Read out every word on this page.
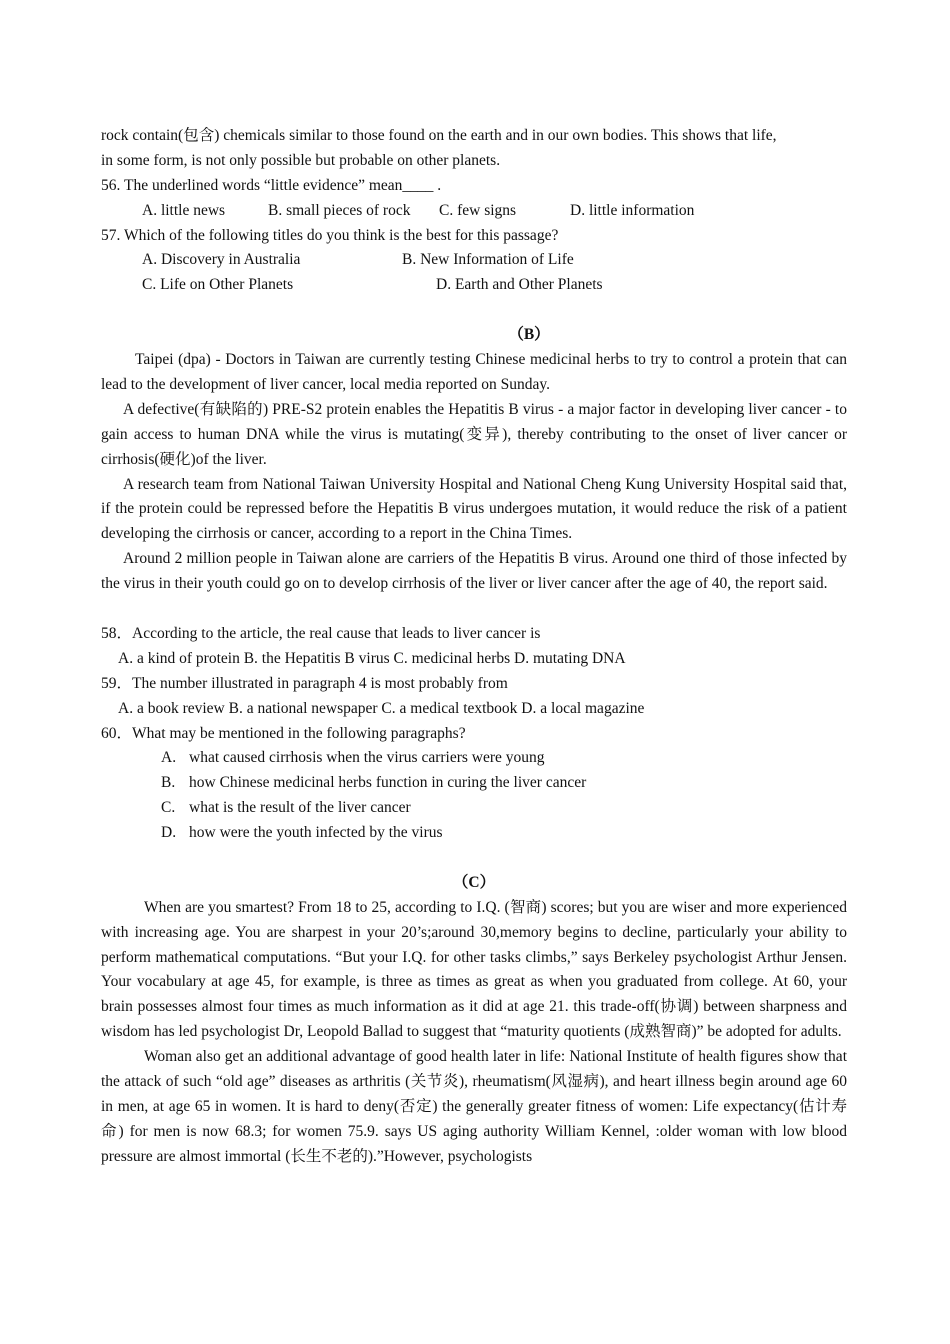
rock contain(包含) chemicals similar to those found on the earth and in our own bodies. This shows that life,
in some form, is not only possible but probable on other planets.
56. The underlined words “little evidence” mean____ .
A. little news	B. small pieces of rock C. few signs	D. little information
57. Which of the following titles do you think is the best for this passage?
A. Discovery in Australia	B. New Information of Life
C. Life on Other Planets	D. Earth and Other Planets
（B）
Taipei (dpa) - Doctors in Taiwan are currently testing Chinese medicinal herbs to try to control a protein that can lead to the development of liver cancer, local media reported on Sunday.
A defective(有缺陷的) PRE-S2 protein enables the Hepatitis B virus - a major factor in developing liver cancer - to gain access to human DNA while the virus is mutating(变异), thereby contributing to the onset of liver cancer or cirrhosis(硬化)of the liver.
A research team from National Taiwan University Hospital and National Cheng Kung University Hospital said that, if the protein could be repressed before the Hepatitis B virus undergoes mutation, it would reduce the risk of a patient developing the cirrhosis or cancer, according to a report in the China Times.
Around 2 million people in Taiwan alone are carriers of the Hepatitis B virus. Around one third of those infected by the virus in their youth could go on to develop cirrhosis of the liver or liver cancer after the age of 40, the report said.
58．According to the article, the real cause that leads to liver cancer is
A. a kind of protein B. the Hepatitis B virus C. medicinal herbs D. mutating DNA
59．The number illustrated in paragraph 4 is most probably from
A. a book review B. a national newspaper C. a medical textbook D. a local magazine
60．What may be mentioned in the following paragraphs?
A. what caused cirrhosis when the virus carriers were young
B. how Chinese medicinal herbs function in curing the liver cancer
C. what is the result of the liver cancer
D. how were the youth infected by the virus
（C）
When are you smartest? From 18 to 25, according to I.Q. (智商) scores; but you are wiser and more experienced with increasing age. You are sharpest in your 20’s;around 30,memory begins to decline, particularly your ability to perform mathematical computations. “But your I.Q. for other tasks climbs,” says Berkeley psychologist Arthur Jensen. Your vocabulary at age 45, for example, is three as times as great as when you graduated from college. At 60, your brain possesses almost four times as much information as it did at age 21. this trade-off(协调) between sharpness and wisdom has led psychologist Dr, Leopold Ballad to suggest that “maturity quotients (成熟智商)” be adopted for adults.
Woman also get an additional advantage of good health later in life: National Institute of health figures show that the attack of such “old age” diseases as arthritis (关节炎), rheumatism(风湿病), and heart illness begin around age 60 in men, at age 65 in women. It is hard to deny(否定) the generally greater fitness of women: Life expectancy(估计寿命) for men is now 68.3; for women 75.9. says US aging authority William Kennel, :older woman with low blood pressure are almost immortal (长生不老的).”However, psychologists
